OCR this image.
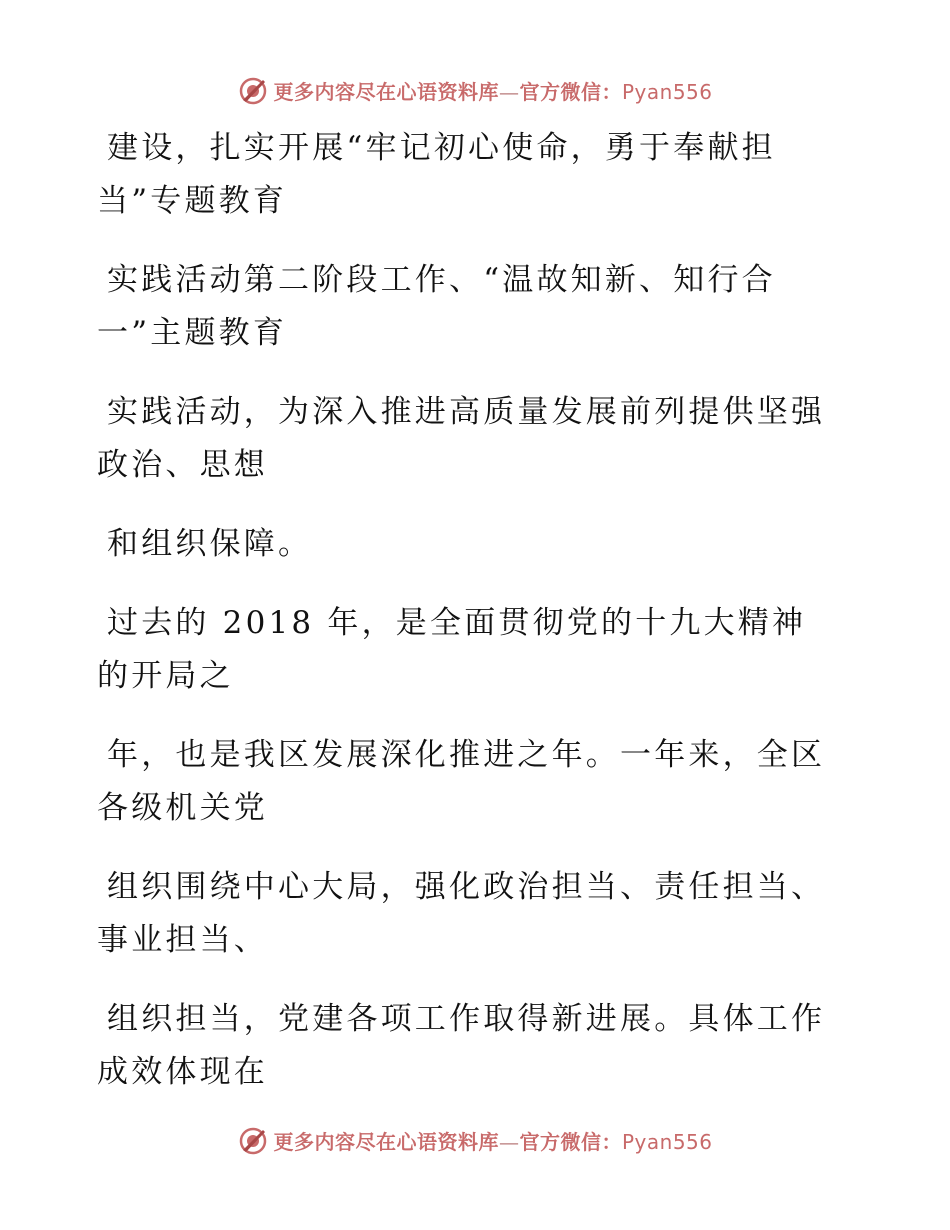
更多内容尽在心语资料库—官方微信：Pyan556

建设，扎实开展“牢记初心使命，勇于奉献担当”专题教育

实践活动第二阶段工作、“温故知新、知行合一”主题教育

实践活动，为深入推进高质量发展前列提供坚强政治、思想

和组织保障。

过去的 2018 年，是全面贯彻党的十九大精神的开局之

年，也是我区发展深化推进之年。一年来，全区各级机关党

组织围绕中心大局，强化政治担当、责任担当、事业担当、

组织担当，党建各项工作取得新进展。具体工作成效体现在

更多内容尽在心语资料库—官方微信：Pyan556
